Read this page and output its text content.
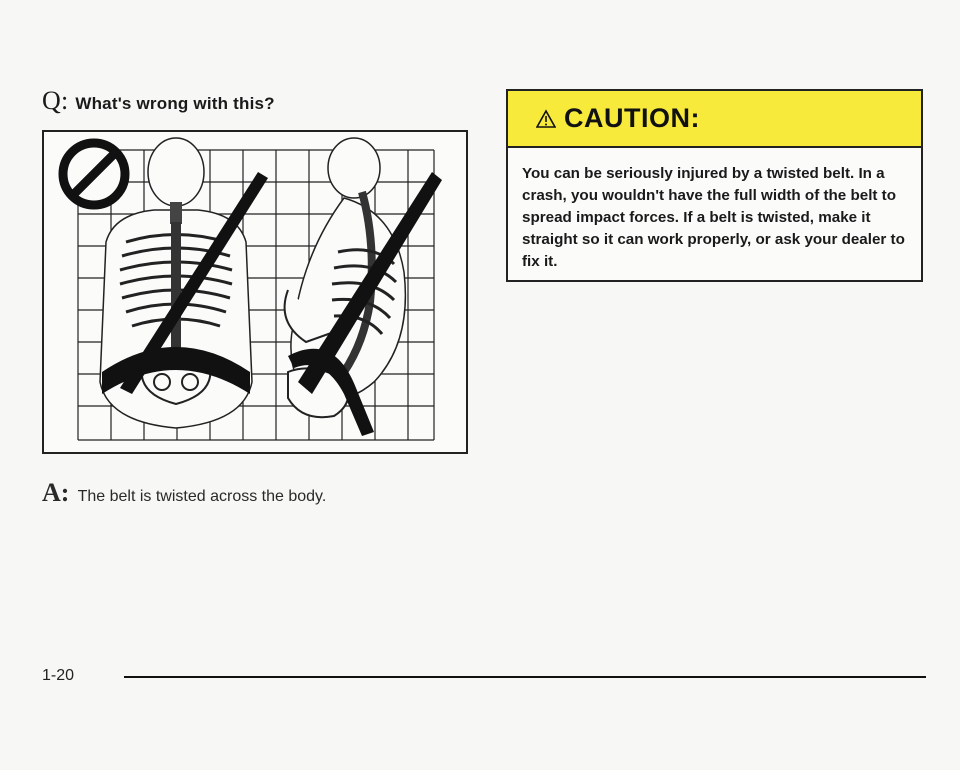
Q: What's wrong with this?
A: The belt is twisted across the body.
CAUTION:
You can be seriously injured by a twisted belt. In a crash, you wouldn't have the full width of the belt to spread impact forces. If a belt is twisted, make it straight so it can work properly, or ask your dealer to fix it.
1-20
